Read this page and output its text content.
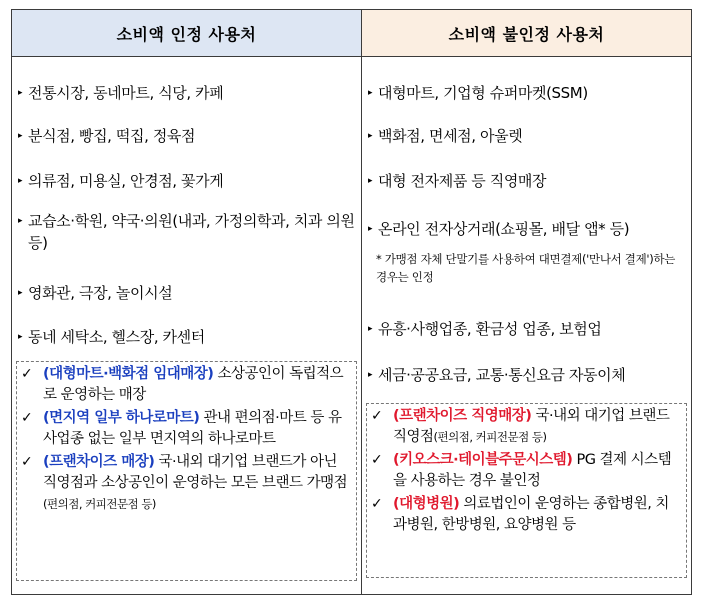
소비액 인정 사용처
▸ 전통시장, 동네마트, 식당, 카페
▸ 분식점, 빵집, 떡집, 정육점
▸ 의류점, 미용실, 안경점, 꽃가게
▸ 교습소·학원, 약국·의원(내과, 가정의학과, 치과 의원 등)
▸ 영화관, 극장, 놀이시설
▸ 동네 세탁소, 헬스장, 카센터
✓ (대형마트·백화점 임대매장) 소상공인이 독립적으로 운영하는 매장
✓ (면지역 일부 하나로마트) 관내 편의점·마트 등 유사업종 없는 일부 면지역의 하나로마트
✓ (프랜차이즈 매장) 국·내외 대기업 브랜드가 아닌 직영점과 소상공인이 운영하는 모든 브랜드 가맹점(편의점, 커피전문점 등)
소비액 불인정 사용처
▸ 대형마트, 기업형 슈퍼마켓(SSM)
▸ 백화점, 면세점, 아울렛
▸ 대형 전자제품 등 직영매장
▸ 온라인 전자상거래(쇼핑몰, 배달 앱* 등)
* 가맹점 자체 단말기를 사용하여 대면결제('만나서 결제')하는 경우는 인정
▸ 유흥·사행업종, 환금성 업종, 보험업
▸ 세금·공공요금, 교통·통신요금 자동이체
✓ (프랜차이즈 직영매장) 국·내외 대기업 브랜드 직영점(편의점, 커피전문점 등)
✓ (키오스크·테이블주문시스템) PG 결제 시스템을 사용하는 경우 불인정
✓ (대형병원) 의료법인이 운영하는 종합병원, 치과병원, 한방병원, 요양병원 등
